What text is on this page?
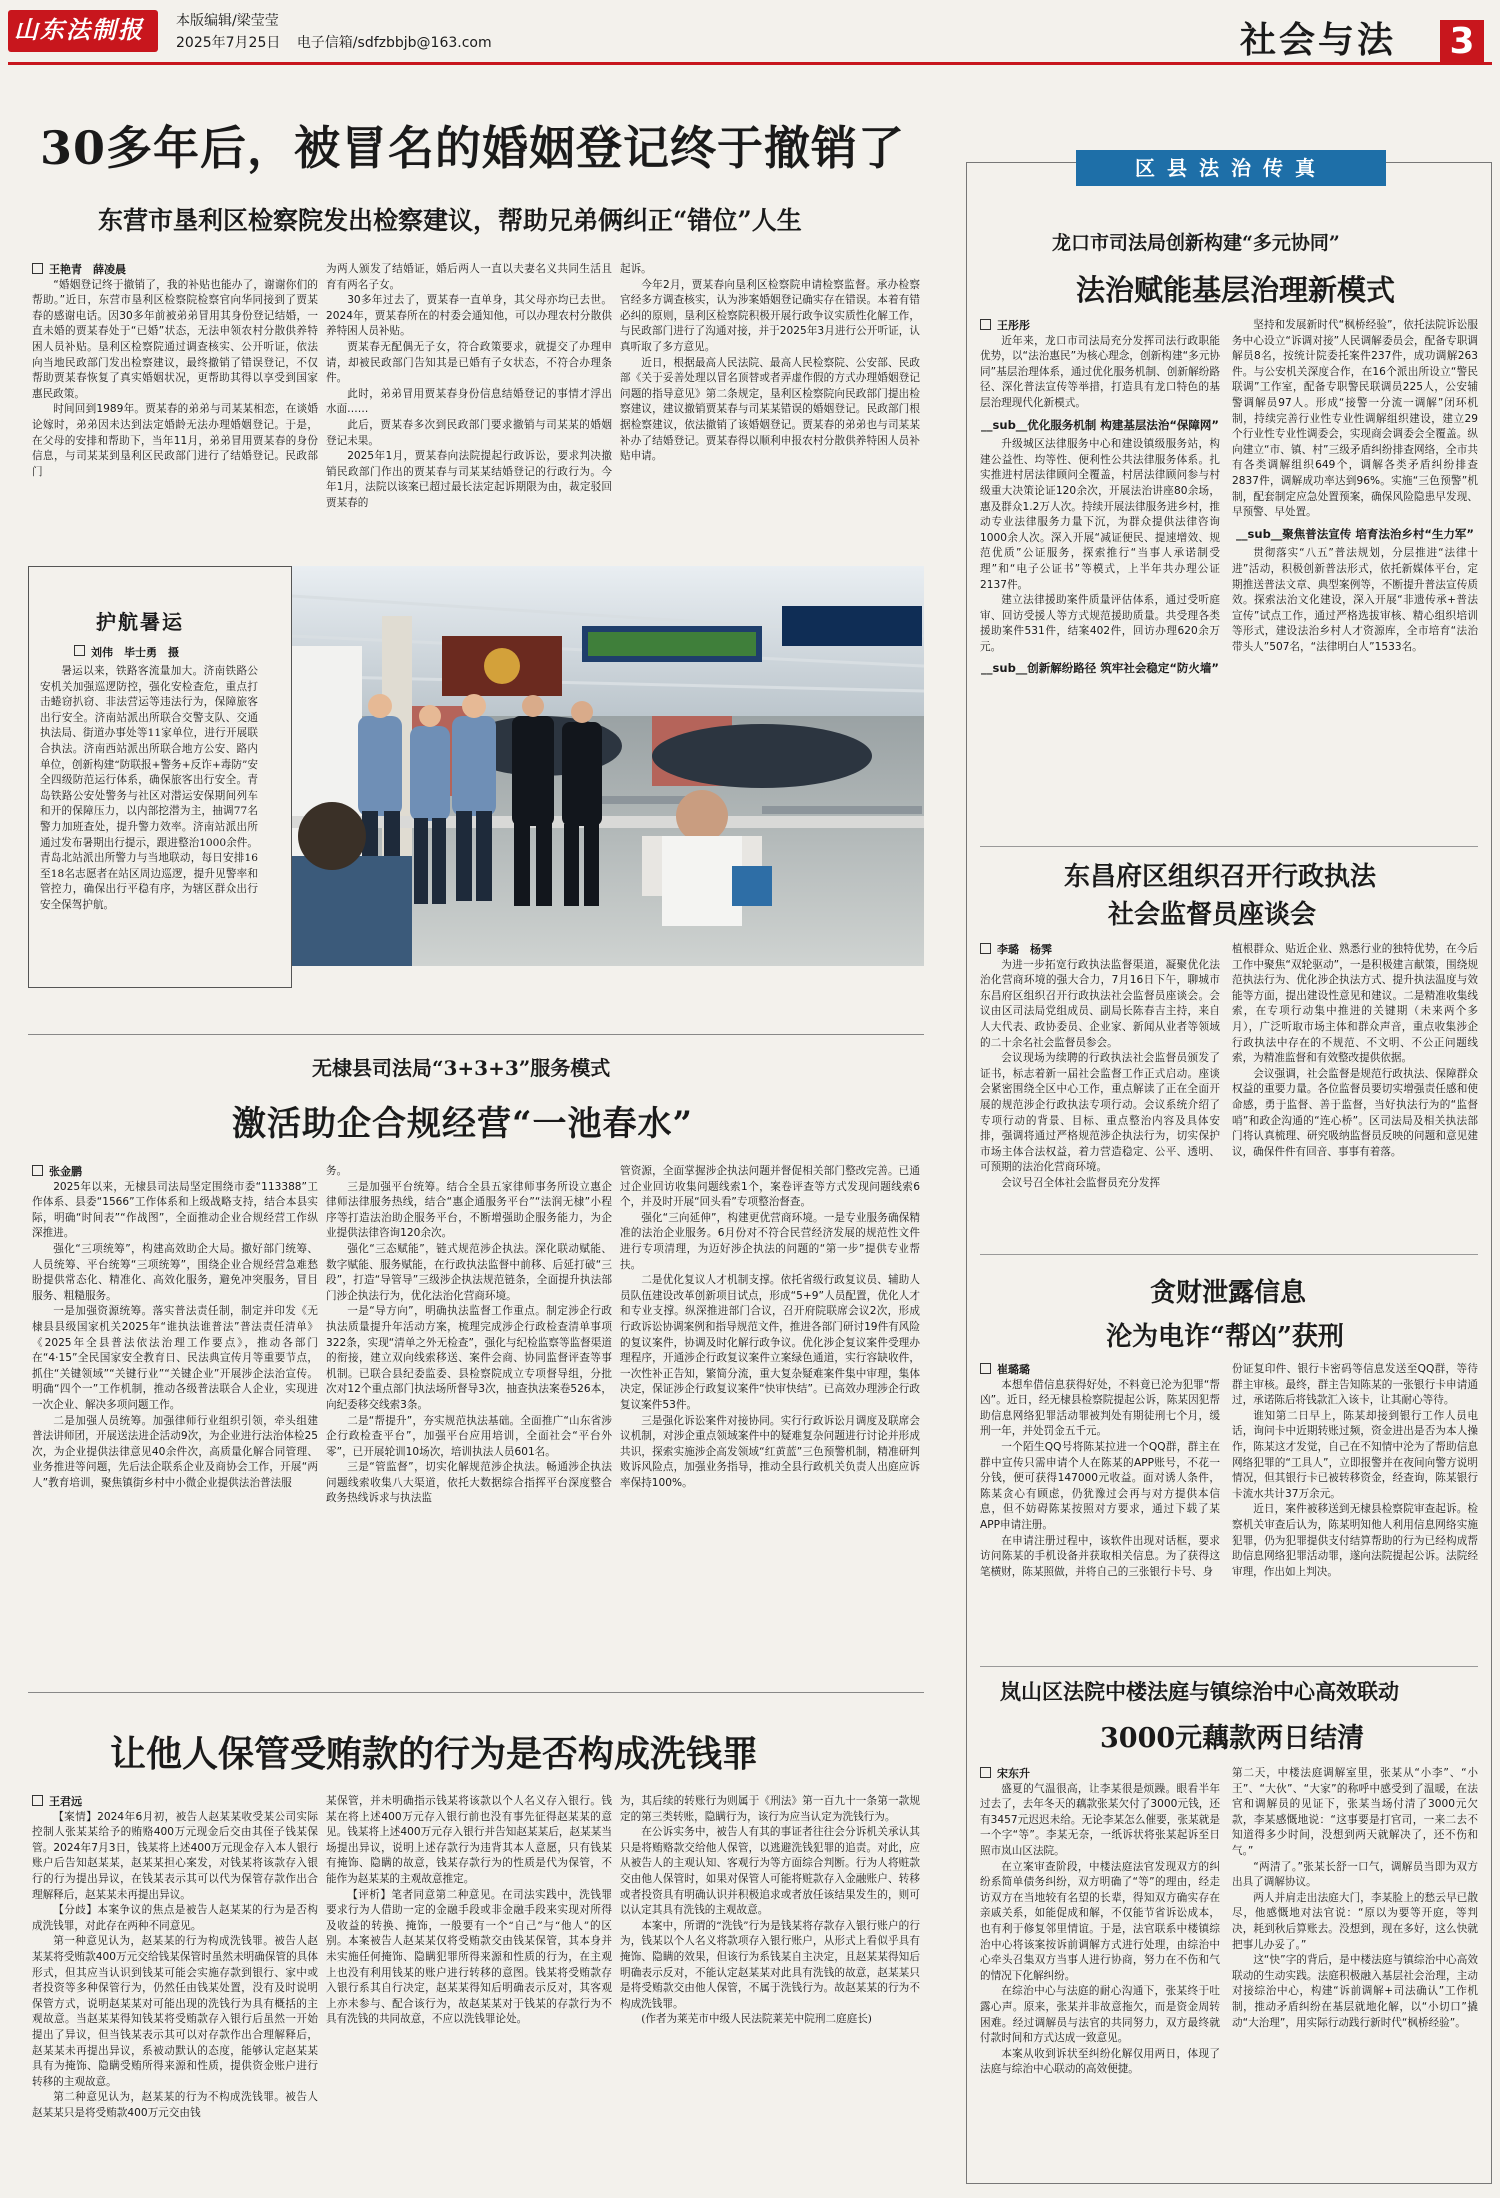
山东法制报	本版编辑/梁莹莹
2025年7月25日 电子信箱/sdfzbbjb@163.com	社会与法 3
30多年后，被冒名的婚姻登记终于撤销了
东营市垦利区检察院发出检察建议，帮助兄弟俩纠正“错位”人生

王艳青　薛凌晨

“婚姻登记终于撤销了，我的补贴也能办了，谢谢你们的帮助。”近日，东营市垦利区检察院检察官向华同接到了贾某春的感谢电话。因30多年前被弟弟冒用其身份登记结婚，一直未婚的贾某春处于“已婚”状态，无法申领农村分散供养特困人员补贴。垦利区检察院通过调查核实、公开听证，依法向当地民政部门发出检察建议，最终撤销了错误登记，不仅帮助贾某春恢复了真实婚姻状况，更帮助其得以享受到国家惠民政策。

时间回到1989年。贾某春的弟弟与司某某相恋，在谈婚论嫁时，弟弟因未达到法定婚龄无法办理婚姻登记。于是，在父母的安排和帮助下，当年11月，弟弟冒用贾某春的身份信息，与司某某到垦利区民政部门进行了结婚登记。民政部门

为两人颁发了结婚证，婚后两人一直以夫妻名义共同生活且育有两名子女。

30多年过去了，贾某春一直单身，其父母亦均已去世。2024年，贾某春所在的村委会通知他，可以办理农村分散供养特困人员补贴。

贾某春无配偶无子女，符合政策要求，就提交了办理申请，却被民政部门告知其是已婚有子女状态，不符合办理条件。

此时，弟弟冒用贾某春身份信息结婚登记的事情才浮出水面……

此后，贾某春多次到民政部门要求撤销与司某某的婚姻登记未果。

2025年1月，贾某春向法院提起行政诉讼，要求判决撤销民政部门作出的贾某春与司某某结婚登记的行政行为。今年1月，法院以该案已超过最长法定起诉期限为由，裁定驳回贾某春的

起诉。

今年2月，贾某春向垦利区检察院申请检察监督。承办检察官经多方调查核实，认为涉案婚姻登记确实存在错误。本着有错必纠的原则，垦利区检察院积极开展行政争议实质性化解工作，与民政部门进行了沟通对接，并于2025年3月进行公开听证，认真听取了多方意见。

近日，根据最高人民法院、最高人民检察院、公安部、民政部《关于妥善处理以冒名顶替或者弄虚作假的方式办理婚姻登记问题的指导意见》第二条规定，垦利区检察院向民政部门提出检察建议，建议撤销贾某春与司某某错误的婚姻登记。民政部门根据检察建议，依法撤销了该婚姻登记。贾某春的弟弟也与司某某补办了结婚登记。贾某春得以顺利申报农村分散供养特困人员补贴申请。

护航暑运
刘伟　毕士勇　摄
暑运以来，铁路客流量加大。济南铁路公安机关加强巡逻防控，强化安检查危，重点打击蜷窃扒窃、非法营运等违法行为，保障旅客出行安全。济南站派出所联合交警支队、交通执法局、街道办事处等11家单位，进行开展联合执法。济南西站派出所联合地方公安、路内单位，创新构建“防联报+警务+反诈+毒防”安全四级防范运行体系，确保旅客出行安全。青岛铁路公安处警务与社区对潜运安保期间列车和开的保障压力，以内部挖潜为主，抽调77名警力加班查处，提升警力效率。济南站派出所通过发布暑期出行提示，跟进整治1000余件。青岛北站派出所警力与当地联动，每日安排16至18名志愿者在站区周边巡逻，提升见警率和管控力，确保出行平稳有序，为辖区群众出行安全保驾护航。
无棣县司法局“3+3+3”服务模式
激活助企合规经营“一池春水”

张金鹏

2025年以来，无棣县司法局坚定围绕市委“113388”工作体系、县委“1566”工作体系和上级战略支持，结合本县实际，明确“时间表”“作战图”，全面推动企业合规经营工作纵深推进。

强化“三项统筹”，构建高效助企大局。撤好部门统筹、人员统筹、平台统筹“三项统筹”，围绕企业合规经营急难愁盼提供常态化、精准化、高效化服务，避免冲突服务，冒目服务、粗糙服务。

一是加强资源统筹。落实普法责任制，制定并印发《无棣县县级国家机关2025年“谁执法谁普法”普法责任清单》《2025年全县普法依法治理工作要点》，推动各部门在“4·15”全民国家安全教育日、民法典宣传月等重要节点，抓住“关键领域”“关键行业”“关键企业”开展涉企法治宣传。明确“四个一”工作机制，推动各级普法联合人企业，实现进一次企业、解决多项问题工作。

二是加强人员统筹。加强律师行业组织引领，牵头组建普法讲师团，开展送法进企活动9次，为企业进行法治体检25次，为企业提供法律意见40余件次，高质量化解合同管理、业务推进等问题，先后法企联系企业及商协会工作，开展“两人”教育培训，聚焦镇街乡村中小微企业提供法治普法服

务。

三是加强平台统筹。结合全县五家律师事务所设立惠企律师法律服务热线，结合“惠企通服务平台”“法润无棣”小程序等打造法治助企服务平台，不断增强助企服务能力，为企业提供法律咨询120余次。

强化“三态赋能”，链式规范涉企执法。深化联动赋能、数字赋能、服务赋能，在行政执法监督中前移、后延打破“三段”，打造“导管导”三级涉企执法规范链条，全面提升执法部门涉企执法行为，优化法治化营商环境。

一是“导方向”，明确执法监督工作重点。制定涉企行政执法质量提升年活动方案，梳理完成涉企行政检查清单事项322条，实现“清单之外无检查”，强化与纪检监察等监督渠道的衔接，建立双向线索移送、案件会商、协同监督评查等事机制。已联合县纪委监委、县检察院成立专项督导组，分批次对12个重点部门执法场所督导3次，抽查执法案卷526本，向纪委移交线索3条。

二是“帮提升”，夯实规范执法基础。全面推广“山东省涉企行政检查平台”，加强平台应用培训，全面社会“平台外零”，已开展轮训10场次，培训执法人员601名。

三是“管监督”，切实化解规范涉企执法。畅通涉企执法问题线索收集八大渠道，依托大数据综合指挥平台深度整合政务热线诉求与执法监

管资源，全面掌握涉企执法问题并督促相关部门整改完善。已通过企业回访收集问题线索1个，案卷评查等方式发现问题线索6个，并及时开展“回头看”专项整治督查。

强化“三向延伸”，构建更优营商环境。一是专业服务确保精准的法治企业服务。6月份对不符合民营经济发展的规范性文件进行专项清理，为迈好涉企执法的问题的“第一步”提供专业帮扶。

二是优化复议人才机制支撑。依托省级行政复议员、辅助人员队伍建设改革创新项目试点，形成“5+9”人员配置，优化人才和专业支撑。纵深推进部门合议，召开府院联席会议2次，形成行政诉讼协调案例和指导规范文件，推进各部门研讨19件有风险的复议案件，协调及时化解行政争议。优化涉企复议案件受理办理程序，开通涉企行政复议案件立案绿色通道，实行容缺收件，一次性补正告知，繁简分流，重大复杂疑难案件集中审理，集体决定，保证涉企行政复议案件“快审快结”。已高效办理涉企行政复议案件53件。

三是强化诉讼案件对接协同。实行行政诉讼月调度及联席会议机制，对涉企重点领域案件中的疑难复杂问题进行讨论并形成共识，探索实施涉企高发领域“红黄蓝”三色预警机制，精准研判败诉风险点，加强业务指导，推动全县行政机关负责人出庭应诉率保持100%。

让他人保管受贿款的行为是否构成洗钱罪

王君远

【案情】2024年6月初，被告人赵某某收受某公司实际控制人张某某给予的贿赂400万元现金后交由其侄子钱某保管。2024年7月3日，钱某将上述400万元现金存入本人银行账户后告知赵某某，赵某某担心案发，对钱某将该款存入银行的行为提出异议，在钱某表示其可以代为保管存款作出合理解释后，赵某某未再提出异议。

【分歧】本案争议的焦点是被告人赵某某的行为是否构成洗钱罪，对此存在两种不同意见。

第一种意见认为，赵某某的行为构成洗钱罪。被告人赵某某将受贿款400万元交给钱某保管时虽然未明确保管的具体形式，但其应当认识到钱某可能会实施存款到银行、家中或者投资等多种保管行为，仍然任由钱某处置，没有及时说明保管方式，说明赵某某对可能出现的洗钱行为具有概括的主观故意。当赵某某得知钱某将受贿款存入银行后虽然一开始提出了异议，但当钱某表示其可以对存款作出合理解释后，赵某某未再提出异议，系被动默认的态度，能够认定赵某某具有为掩饰、隐瞒受贿所得来源和性质，提供资金账户进行转移的主观故意。

第二种意见认为，赵某某的行为不构成洗钱罪。被告人赵某某只是将受贿款400万元交由钱

某保管，并未明确指示钱某将该款以个人名义存入银行。钱某在将上述400万元存入银行前也没有事先征得赵某某的意见。钱某将上述400万元存入银行并告知赵某某后，赵某某当场提出异议，说明上述存款行为违背其本人意愿，只有钱某有掩饰、隐瞒的故意，钱某存款行为的性质是代为保管，不能作为赵某某的主观故意推定。

【评析】笔者同意第二种意见。在司法实践中，洗钱罪要求行为人借助一定的金融手段或非金融手段来实现对所得及收益的转换、掩饰，一般要有一个“自己”与“他人”的区别。本案被告人赵某某仅将受贿款交由钱某保管，其本身并未实施任何掩饰、隐瞒犯罪所得来源和性质的行为，在主观上也没有利用钱某的账户进行转移的意图。钱某将受贿款存入银行系其自行决定，赵某某得知后明确表示反对，其客观上亦未参与、配合该行为，故赵某某对于钱某的存款行为不具有洗钱的共同故意，不应以洗钱罪论处。

为，其后续的转账行为则属于《刑法》第一百九十一条第一款规定的第三类转账，隐瞒行为，该行为应当认定为洗钱行为。

在公诉实务中，被告人有其的事证者往往会分诉机关承认其只是将贿赂款交给他人保管，以逃避洗钱犯罪的追责。对此，应从被告人的主观认知、客观行为等方面综合判断。行为人将赃款交由他人保管时，如果对保管人可能将赃款存入金融账户、转移或者投资具有明确认识并积极追求或者放任该结果发生的，则可以认定其具有洗钱的主观故意。

本案中，所谓的“洗钱”行为是钱某将存款存入银行账户的行为，钱某以个人名义将款项存入银行账户，从形式上看似乎具有掩饰、隐瞒的效果，但该行为系钱某自主决定，且赵某某得知后明确表示反对，不能认定赵某某对此具有洗钱的故意，赵某某只是将受贿款交由他人保管，不属于洗钱行为。故赵某某的行为不构成洗钱罪。

(作者为莱芜市中级人民法院莱芜中院刑二庭庭长)

区县法治传真
龙口市司法局创新构建“多元协同”
法治赋能基层治理新模式

王彤彤

近年来，龙口市司法局充分发挥司法行政职能优势，以“法治惠民”为核心理念，创新构建“多元协同”基层治理体系，通过优化服务机制、创新解纷路径、深化普法宣传等举措，打造具有龙口特色的基层治理现代化新模式。

__sub__优化服务机制 构建基层法治“保障网”

升级城区法律服务中心和建设镇级服务站，构建公益性、均等性、便利性公共法律服务体系。扎实推进村居法律顾问全覆盖，村居法律顾问参与村级重大决策论证120余次，开展法治讲座80余场，惠及群众1.2万人次。持续开展法律服务进乡村，推动专业法律服务力量下沉，为群众提供法律咨询1000余人次。深入开展“减证便民、提速增效、规范优质”公证服务，探索推行“当事人承诺制受理”和“电子公证书”等模式，上半年共办理公证2137件。

建立法律援助案件质量评估体系，通过受听庭审、回访受援人等方式规范援助质量。共受理各类援助案件531件，结案402件，回访办理620余万元。

__sub__创新解纷路径 筑牢社会稳定“防火墙”

坚持和发展新时代“枫桥经验”，依托法院诉讼服务中心设立“诉调对接”人民调解委员会，配备专职调解员8名，按统计院委托案件237件，成功调解263件。与公安机关深度合作，在16个派出所设立“警民联调”工作室，配备专职警民联调员225人，公安辅警调解员97人。形成“接警一分流一调解”闭环机制，持续完善行业性专业性调解组织建设，建立29个行业性专业性调委会，实现商会调委会全覆盖。纵向建立“市、镇、村”三级矛盾纠纷排查网络，全市共有各类调解组织649个，调解各类矛盾纠纷排查2837件，调解成功率达到96%。实施“三色预警”机制，配套制定应急处置预案，确保风险隐患早发现、早预警、早处置。

__sub__聚焦普法宣传 培育法治乡村“生力军”

贯彻落实“八五”普法规划，分层推进“法律十进”活动，积极创新普法形式，依托新媒体平台，定期推送普法文章、典型案例等，不断提升普法宣传质效。探索法治文化建设，深入开展“非遗传承+普法宣传”试点工作，通过严格选拔审核、精心组织培训等形式，建设法治乡村人才资源库，全市培育“法治带头人”507名，“法律明白人”1533名。

东昌府区组织召开行政执法
社会监督员座谈会

李璐　杨霁

为进一步拓宽行政执法监督渠道，凝聚优化法治化营商环境的强大合力，7月16日下午，聊城市东昌府区组织召开行政执法社会监督员座谈会。会议由区司法局党组成员、副局长陈春吉主持，来自人大代表、政协委员、企业家、新闻从业者等领域的二十余名社会监督员参会。

会议现场为续聘的行政执法社会监督员颁发了证书，标志着新一届社会监督工作正式启动。座谈会紧密围绕全区中心工作，重点解读了正在全面开展的规范涉企行政执法专项行动。会议系统介绍了专项行动的背景、目标、重点整治内容及具体安排，强调将通过严格规范涉企执法行为，切实保护市场主体合法权益，着力营造稳定、公平、透明、可预期的法治化营商环境。

会议号召全体社会监督员充分发挥

植根群众、贴近企业、熟悉行业的独特优势，在今后工作中聚焦“双轮驱动”，一是积极建言献策，围绕规范执法行为、优化涉企执法方式、提升执法温度与效能等方面，提出建设性意见和建议。二是精准收集线索，在专项行动集中推进的关键期（未来两个多月），广泛听取市场主体和群众声音，重点收集涉企行政执法中存在的不规范、不文明、不公正问题线索，为精准监督和有效整改提供依据。

会议强调，社会监督是规范行政执法、保障群众权益的重要力量。各位监督员要切实增强责任感和使命感，勇于监督、善于监督，当好执法行为的“监督哨”和政企沟通的“连心桥”。区司法局及相关执法部门将认真梳理、研究吸纳监督员反映的问题和意见建议，确保件件有回音、事事有着落。

贪财泄露信息
沦为电诈“帮凶”获刑

崔璐璐

本想牟借信息获得好处，不料竟已沦为犯罪“帮凶”。近日，经无棣县检察院提起公诉，陈某因犯帮助信息网络犯罪活动罪被判处有期徒刑七个月，缓刑一年，并处罚金五千元。

一个陌生QQ号将陈某拉进一个QQ群，群主在群中宣传只需申请个人在陈某的APP账号，不花一分钱，便可获得147000元收益。面对诱人条件，陈某贪心有顾虑，仍犹豫过会再与对方提供本信息，但不妨碍陈某按照对方要求，通过下载了某APP申请注册。

在申请注册过程中，该软件出现对话框，要求访问陈某的手机设备并获取相关信息。为了获得这笔横财，陈某照做，并将自己的三张银行卡号、身

份证复印件、银行卡密码等信息发送至QQ群，等待群主审核。最终，群主告知陈某的一张银行卡申请通过，承诺陈后将钱款汇入该卡，让其耐心等待。

谁知第二日早上，陈某却接到银行工作人员电话，询问卡中近期转账过频，资金进出是否为本人操作，陈某这才发觉，自己在不知情中沦为了帮助信息网络犯罪的“工具人”，立即报警并在夜间向警方说明情况，但其银行卡已被转移资金，经查询，陈某银行卡流水共计37万余元。

近日，案件被移送到无棣县检察院审查起诉。检察机关审查后认为，陈某明知他人利用信息网络实施犯罪，仍为犯罪提供支付结算帮助的行为已经构成帮助信息网络犯罪活动罪，遂向法院提起公诉。法院经审理，作出如上判决。

岚山区法院中楼法庭与镇综治中心高效联动
3000元藕款两日结清

宋东升

盛夏的气温很高，让李某很是烦躁。眼看半年过去了，去年冬天的藕款张某欠付了3000元钱，还有3457元迟迟未给。无论李某怎么催要，张某就是一个字“等”。李某无奈，一纸诉状将张某起诉至日照市岚山区法院。

在立案审查阶段，中楼法庭法官发现双方的纠纷系简单债务纠纷，双方明确了“等”的理由，经走访双方在当地较有名望的长辈，得知双方确实存在亲戚关系，如能促成和解，不仅能节省诉讼成本，也有利于修复邻里情谊。于是，法官联系中楼镇综治中心将该案按诉前调解方式进行处理，由综治中心牵头召集双方当事人进行协商，努力在不伤和气的情况下化解纠纷。

在综治中心与法庭的耐心沟通下，张某终于吐露心声。原来，张某并非故意拖欠，而是资金周转困难。经过调解员与法官的共同努力，双方最终就付款时间和方式达成一致意见。

本案从收到诉状至纠纷化解仅用两日，体现了法庭与综治中心联动的高效便捷。

第二天，中楼法庭调解室里，张某从“小李”、“小王”、“大伙”、“大家”的称呼中感受到了温暖，在法官和调解员的见证下，张某当场付清了3000元欠款，李某感慨地说：“这事要是打官司，一来二去不知道得多少时间，没想到两天就解决了，还不伤和气。”

“两清了。”张某长舒一口气，调解员当即为双方出具了调解协议。

两人并肩走出法庭大门，李某脸上的愁云早已散尽，他感慨地对法官说：“原以为要等开庭，等判决，耗到秋后算账去。没想到，现在多好，这么快就把事儿办妥了。”

这“快”字的背后，是中楼法庭与镇综治中心高效联动的生动实践。法庭积极融入基层社会治理，主动对接综治中心，构建“诉前调解+司法确认”工作机制，推动矛盾纠纷在基层就地化解，以“小切口”撬动“大治理”，用实际行动践行新时代“枫桥经验”。
